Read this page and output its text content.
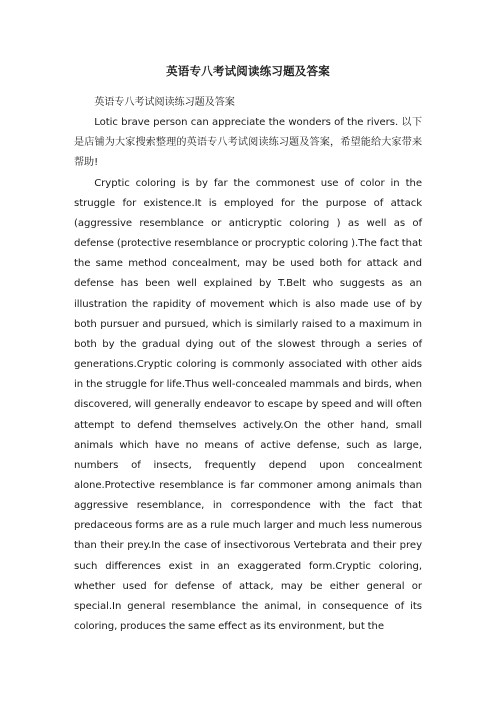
英语专八考试阅读练习题及答案

英语专八考试阅读练习题及答案

Lotic brave person can appreciate the wonders of the rivers. 以下是店铺为大家搜索整理的英语专八考试阅读练习题及答案，希望能给大家带来帮助!

Cryptic coloring is by far the commonest use of color in the struggle for existence.It is employed for the purpose of attack (aggressive resemblance or anticryptic coloring ) as well as of defense (protective resemblance or procryptic coloring ).The fact that the same method concealment, may be used both for attack and defense has been well explained by T.Belt who suggests as an illustration the rapidity of movement which is also made use of by both pursuer and pursued, which is similarly raised to a maximum in both by the gradual dying out of the slowest through a series of generations.Cryptic coloring is commonly associated with other aids in the struggle for life.Thus well-concealed mammals and birds, when discovered, will generally endeavor to escape by speed and will often attempt to defend themselves actively.On the other hand, small animals which have no means of active defense, such as large, numbers of insects, frequently depend upon concealment alone.Protective resemblance is far commoner among animals than aggressive resemblance, in correspondence with the fact that predaceous forms are as a rule much larger and much less numerous than their prey.In the case of insectivorous Vertebrata and their prey such differences exist in an exaggerated form.Cryptic coloring, whether used for defense of attack, may be either general or special.In general resemblance the animal, in consequence of its coloring, produces the same effect as its environment, but the
